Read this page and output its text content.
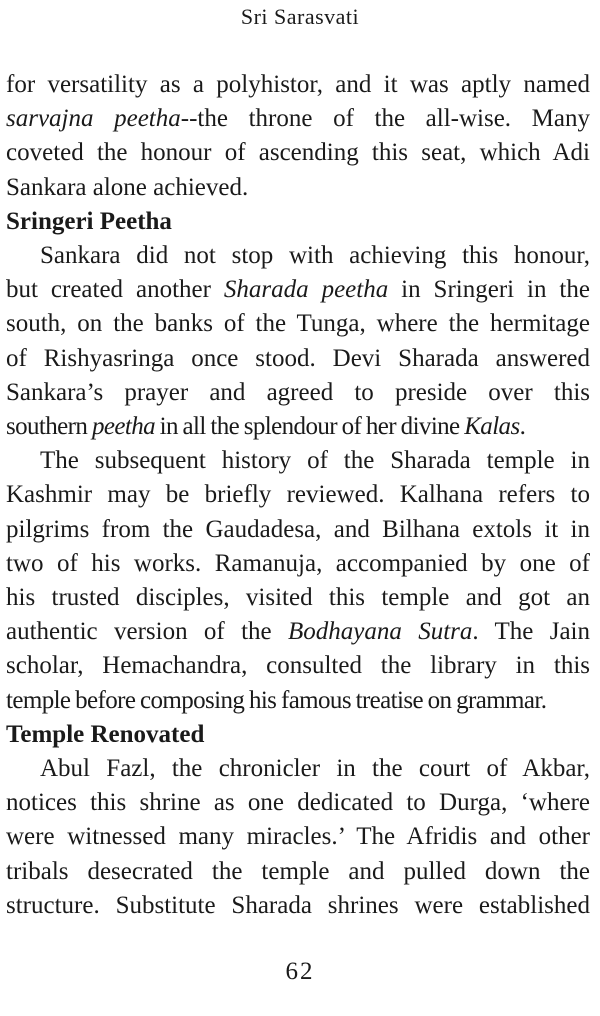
Sri Sarasvati
for versatility as a polyhistor, and it was aptly named
sarvajna peetha--the throne of the all-wise. Many
coveted the honour of ascending this seat, which Adi
Sankara alone achieved.
Sringeri Peetha
Sankara did not stop with achieving this honour,
but created another Sharada peetha in Sringeri in the
south, on the banks of the Tunga, where the hermitage
of Rishyasringa once stood. Devi Sharada answered
Sankara’s prayer and agreed to preside over this
southern peetha in all the splendour of her divine Kalas.
The subsequent history of the Sharada temple in
Kashmir may be briefly reviewed. Kalhana refers to
pilgrims from the Gaudadesa, and Bilhana extols it in
two of his works. Ramanuja, accompanied by one of
his trusted disciples, visited this temple and got an
authentic version of the Bodhayana Sutra. The Jain
scholar, Hemachandra, consulted the library in this
temple before composing his famous treatise on grammar.
Temple Renovated
Abul Fazl, the chronicler in the court of Akbar,
notices this shrine as one dedicated to Durga, ‘where
were witnessed many miracles.’ The Afridis and other
tribals desecrated the temple and pulled down the
structure. Substitute Sharada shrines were established
62
